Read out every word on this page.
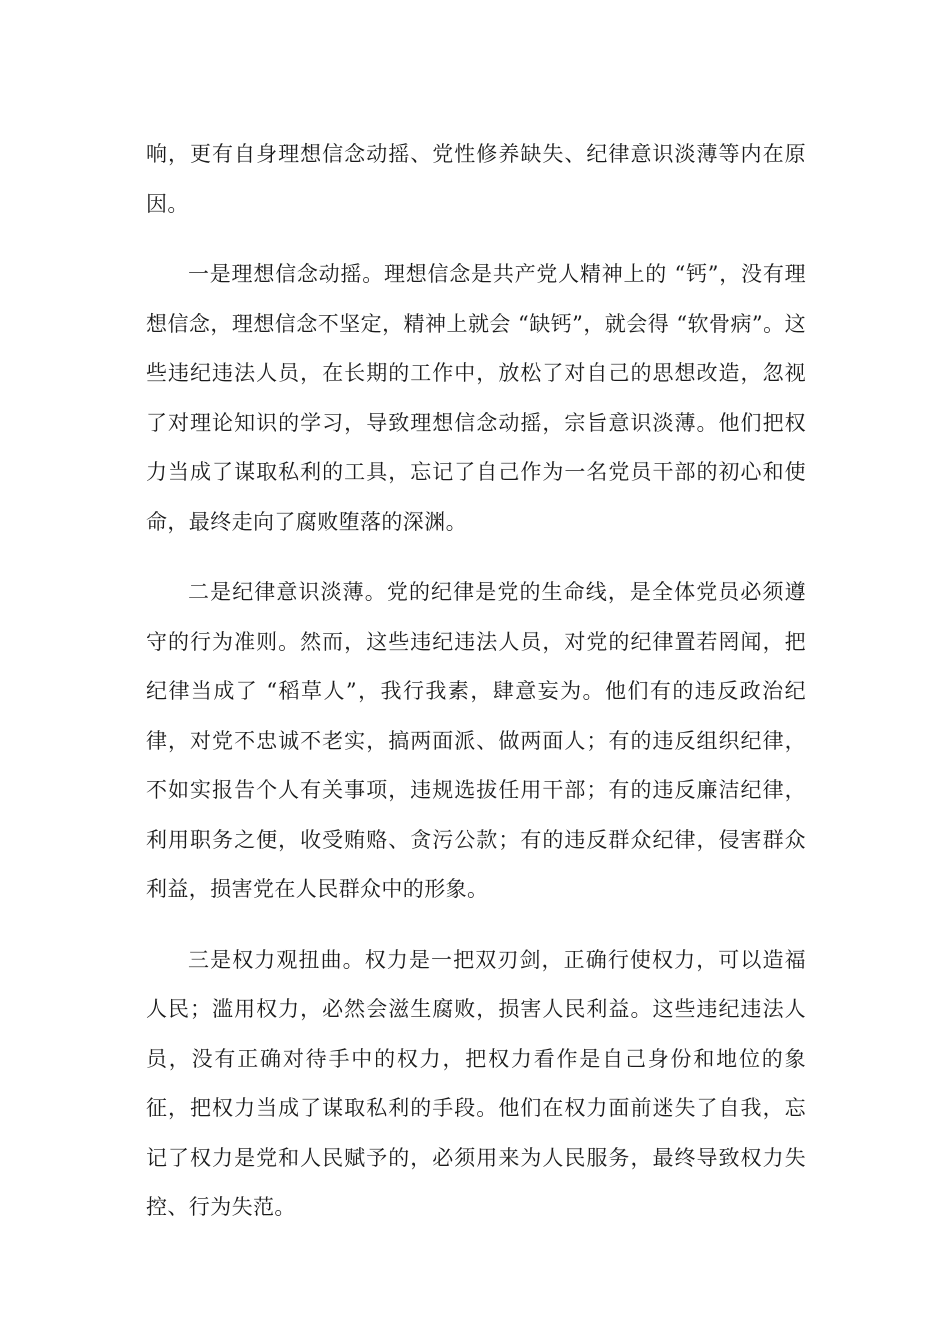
响，更有自身理想信念动摇、党性修养缺失、纪律意识淡薄等内在原因。

一是理想信念动摇。理想信念是共产党人精神上的 “钙”，没有理想信念，理想信念不坚定，精神上就会 “缺钙”，就会得 “软骨病”。这些违纪违法人员，在长期的工作中，放松了对自己的思想改造，忽视了对理论知识的学习，导致理想信念动摇，宗旨意识淡薄。他们把权力当成了谋取私利的工具，忘记了自己作为一名党员干部的初心和使命，最终走向了腐败堕落的深渊。

二是纪律意识淡薄。党的纪律是党的生命线，是全体党员必须遵守的行为准则。然而，这些违纪违法人员，对党的纪律置若罔闻，把纪律当成了 “稻草人”，我行我素，肆意妄为。他们有的违反政治纪律，对党不忠诚不老实，搞两面派、做两面人；有的违反组织纪律，不如实报告个人有关事项，违规选拔任用干部；有的违反廉洁纪律，利用职务之便，收受贿赂、贪污公款；有的违反群众纪律，侵害群众利益，损害党在人民群众中的形象。

三是权力观扭曲。权力是一把双刃剑，正确行使权力，可以造福人民；滥用权力，必然会滋生腐败，损害人民利益。这些违纪违法人员，没有正确对待手中的权力，把权力看作是自己身份和地位的象征，把权力当成了谋取私利的手段。他们在权力面前迷失了自我，忘记了权力是党和人民赋予的，必须用来为人民服务，最终导致权力失控、行为失范。
